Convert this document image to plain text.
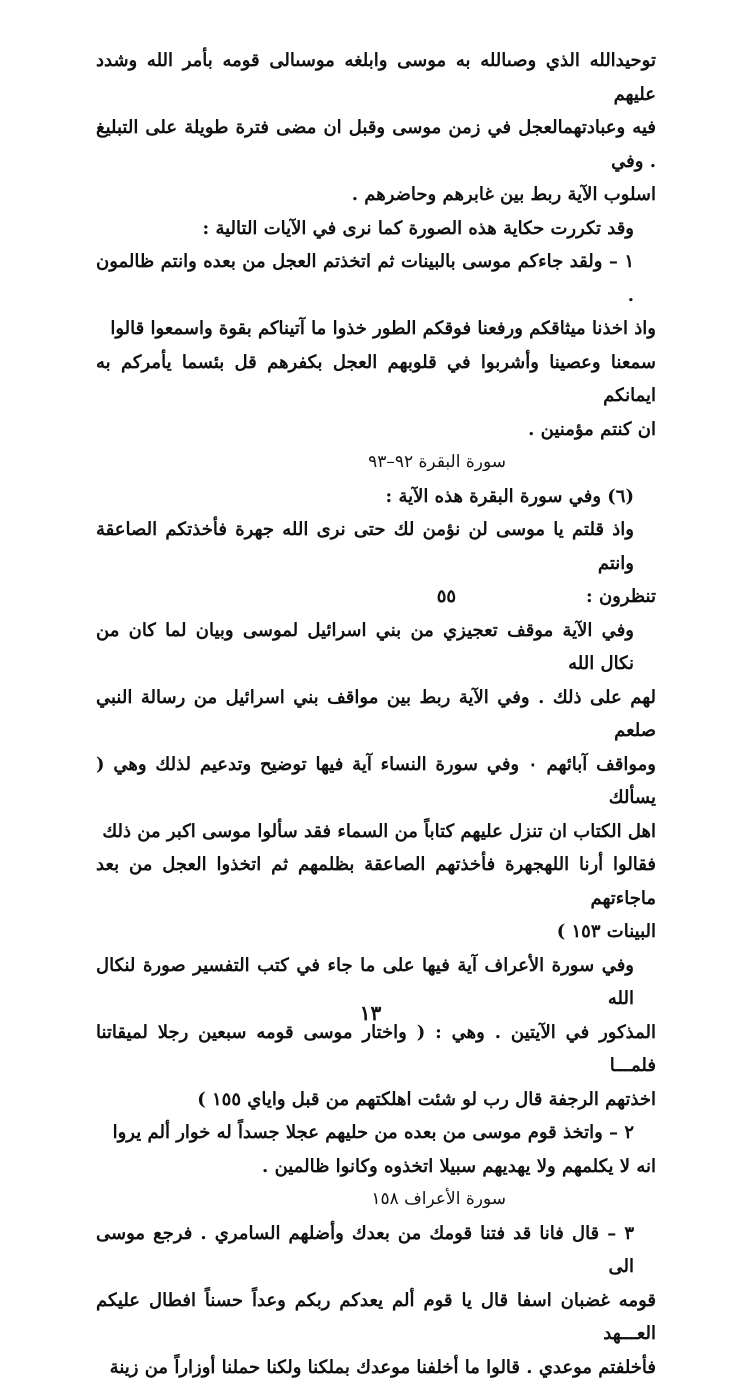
توحيدالله الذي وصىالله به موسى وابلغه موسىالى قومه بأمر الله وشدد عليهم

فيه وعبادتهمالعجل في زمن موسى وقبل ان مضى فترة طويلة على التبليغ . وفي

اسلوب الآية ربط بين غابرهم وحاضرهم .

وقد تكررت حكاية هذه الصورة كما نرى في الآيات التالية :

١ – ولقد جاءكم موسى بالبينات ثم اتخذتم العجل من بعده وانتم ظالمون .

واذ اخذنا ميثاقكم ورفعنا فوقكم الطور خذوا ما آتيناكم بقوة واسمعوا قالوا

سمعنا وعصينا وأشربوا في قلوبهم العجل بكفرهم قل بئسما يأمركم به ايمانكم

ان كنتم مؤمنين .

سورة البقرة ٩٢–٩٣

(٦) وفي سورة البقرة هذه الآية :

واذ قلتم يا موسى لن نؤمن لك حتى نرى الله جهرة فأخذتكم الصاعقة وانتم

تنظرون :٥٥

وفي الآية موقف تعجيزي من بني اسرائيل لموسى وبيان لما كان من نكال الله

لهم على ذلك . وفي الآية ربط بين مواقف بني اسرائيل من رسالة النبي صلعم

ومواقف آبائهم ٠ وفي سورة النساء آية فيها توضيح وتدعيم لذلك وهي ( يسألك

اهل الكتاب ان تنزل عليهم كتاباً من السماء فقد سألوا موسى اكبر من ذلك

فقالوا أرنا اللهجهرة فأخذتهم الصاعقة بظلمهم ثم اتخذوا العجل من بعد ماجاءتهم

البينات ١٥٣ )

وفي سورة الأعراف آية فيها على ما جاء في كتب التفسير صورة لنكال الله

المذكور في الآيتين . وهي : ( واختار موسى قومه سبعين رجلا لميقاتنا فلمـــا

اخذتهم الرجفة قال رب لو شئت اهلكتهم من قبل واياي ١٥٥ )

٢ – واتخذ قوم موسى من بعده من حليهم عجلا جسداً له خوار ألم يروا

انه لا يكلمهم ولا يهديهم سبيلا اتخذوه وكانوا ظالمين .

سورة الأعراف ١٥٨

٣ – قال فانا قد فتنا قومك من بعدك وأضلهم السامري . فرجع موسى الى

قومه غضبان اسفا قال يا قوم ألم يعدكم ربكم وعداً حسناً افطال عليكم العـــهد

فأخلفتم موعدي . قالوا ما أخلفنا موعدك بملكنا ولكنا حملنا أوزاراً من زينة

١٣
